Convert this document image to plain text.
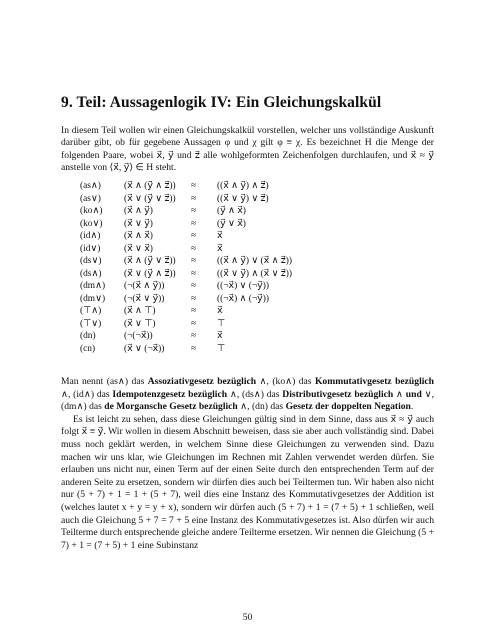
9. Teil: Aussagenlogik IV: Ein Gleichungskalkül

In diesem Teil wollen wir einen Gleichungskalkül vorstellen, welcher uns vollständige Auskunft darüber gibt, ob für gegebene Aussagen φ und χ gilt φ ≡ χ. Es bezeichnet H die Menge der folgenden Paare, wobei x⃗, y⃗ und z⃗ alle wohlgeformten Zeichenfolgen durchlaufen, und x⃗ ≈ y⃗ anstelle von ⟨x⃗, y⃗⟩ ∈ H steht.

(as∧)	(x⃗ ∧ (y⃗ ∧ z⃗))	≈	((x⃗ ∧ y⃗) ∧ z⃗)
(as∨)	(x⃗ ∨ (y⃗ ∨ z⃗))	≈	((x⃗ ∨ y⃗) ∨ z⃗)
(ko∧)	(x⃗ ∧ y⃗)	≈	(y⃗ ∧ x⃗)
(ko∨)	(x⃗ ∨ y⃗)	≈	(y⃗ ∨ x⃗)
(id∧)	(x⃗ ∧ x⃗)	≈	x⃗
(id∨)	(x⃗ ∨ x⃗)	≈	x⃗
(ds∨)	(x⃗ ∧ (y⃗ ∨ z⃗))	≈	((x⃗ ∧ y⃗) ∨ (x⃗ ∧ z⃗))
(ds∧)	(x⃗ ∨ (y⃗ ∧ z⃗))	≈	((x⃗ ∨ y⃗) ∧ (x⃗ ∨ z⃗))
(dm∧)	(¬(x⃗ ∧ y⃗))	≈	((¬x⃗) ∨ (¬y⃗))
(dm∨)	(¬(x⃗ ∨ y⃗))	≈	((¬x⃗) ∧ (¬y⃗))
(⊤∧)	(x⃗ ∧ ⊤)	≈	x⃗
(⊤∨)	(x⃗ ∨ ⊤)	≈	⊤
(dn)	(¬(¬x⃗))	≈	x⃗
(cn)	(x⃗ ∨ (¬x⃗))	≈	⊤

Man nennt (as∧) das Assoziativgesetz bezüglich ∧, (ko∧) das Kommutativgesetz bezüglich ∧, (id∧) das Idempotenzgesetz bezüglich ∧, (ds∧) das Distributivgesetz bezüglich ∧ und ∨, (dm∧) das de Morgansche Gesetz bezüglich ∧, (dn) das Gesetz der doppelten Negation.

Es ist leicht zu sehen, dass diese Gleichungen gültig sind in dem Sinne, dass aus x⃗ ≈ y⃗ auch folgt x⃗ ≡ y⃗. Wir wollen in diesem Abschnitt beweisen, dass sie aber auch vollständig sind. Dabei muss noch geklärt werden, in welchem Sinne diese Gleichungen zu verwenden sind. Dazu machen wir uns klar, wie Gleichungen im Rechnen mit Zahlen verwendet werden dürfen. Sie erlauben uns nicht nur, einen Term auf der einen Seite durch den entsprechenden Term auf der anderen Seite zu ersetzen, sondern wir dürfen dies auch bei Teiltermen tun. Wir haben also nicht nur (5 + 7) + 1 = 1 + (5 + 7), weil dies eine Instanz des Kommutativgesetzes der Addition ist (welches lautet x + y = y + x), sondern wir dürfen auch (5 + 7) + 1 = (7 + 5) + 1 schließen, weil auch die Gleichung 5 + 7 = 7 + 5 eine Instanz des Kommutativgesetzes ist. Also dürfen wir auch Teilterme durch entsprechende gleiche andere Teilterme ersetzen. Wir nennen die Gleichung (5 + 7) + 1 = (7 + 5) + 1 eine Subinstanz

50
